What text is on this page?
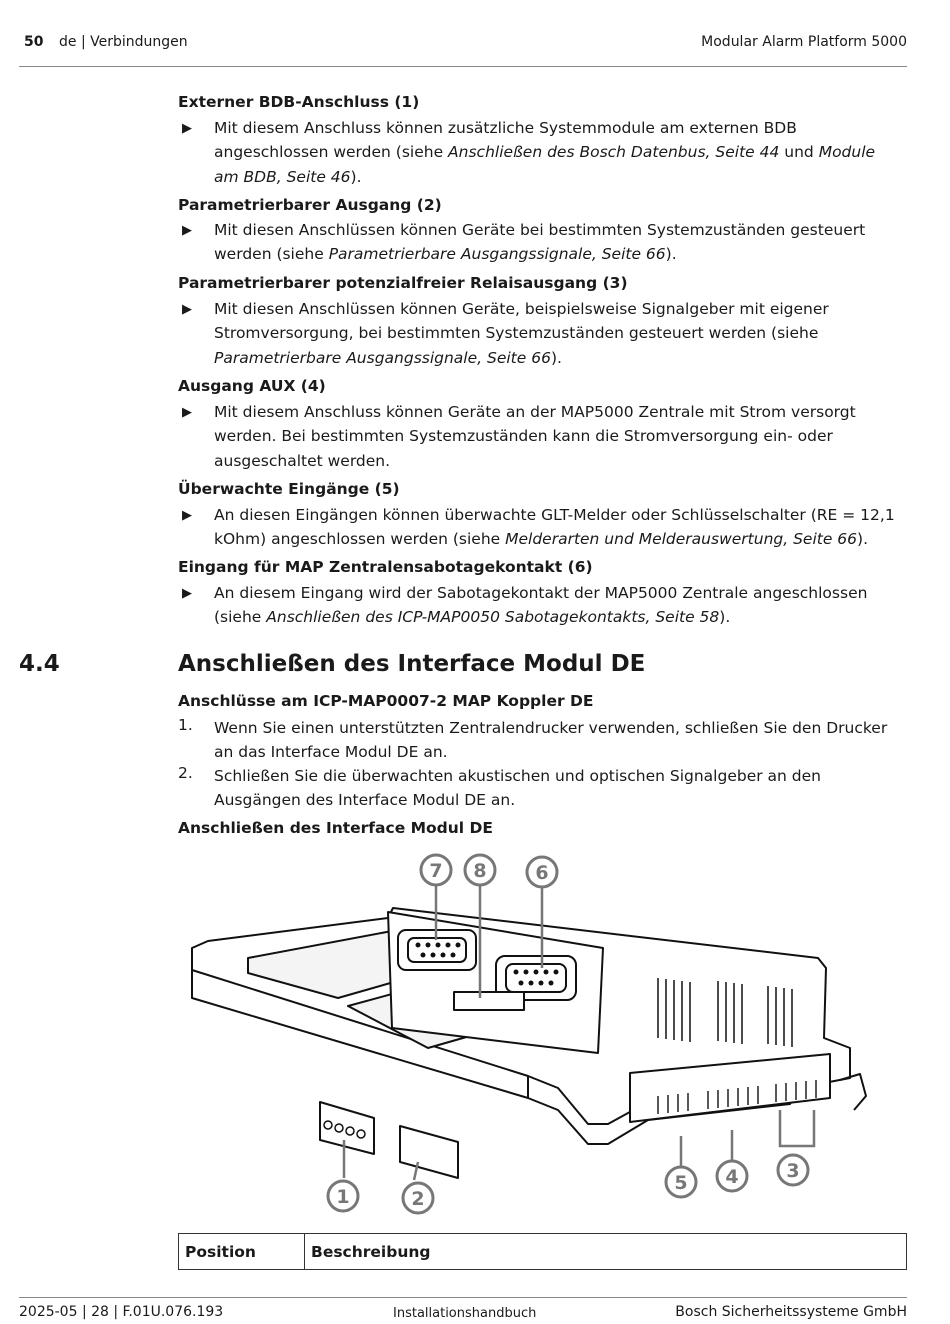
50 de | Verbindungen	Modular Alarm Platform 5000
Externer BDB-Anschluss (1)
▶ Mit diesem Anschluss können zusätzliche Systemmodule am externen BDB angeschlossen werden (siehe Anschließen des Bosch Datenbus, Seite 44 und Module am BDB, Seite 46).
Parametrierbarer Ausgang (2)
▶ Mit diesen Anschlüssen können Geräte bei bestimmten Systemzuständen gesteuert werden (siehe Parametrierbare Ausgangssignale, Seite 66).
Parametrierbarer potenzialfreier Relaisausgang (3)
▶ Mit diesen Anschlüssen können Geräte, beispielsweise Signalgeber mit eigener Stromversorgung, bei bestimmten Systemzuständen gesteuert werden (siehe Parametrierbare Ausgangssignale, Seite 66).
Ausgang AUX (4)
▶ Mit diesem Anschluss können Geräte an der MAP5000 Zentrale mit Strom versorgt werden. Bei bestimmten Systemzuständen kann die Stromversorgung ein- oder ausgeschaltet werden.
Überwachte Eingänge (5)
▶ An diesen Eingängen können überwachte GLT-Melder oder Schlüsselschalter (RE = 12,1 kOhm) angeschlossen werden (siehe Melderarten und Melderauswertung, Seite 66).
Eingang für MAP Zentralensabotagekontakt (6)
▶ An diesem Eingang wird der Sabotagekontakt der MAP5000 Zentrale angeschlossen (siehe Anschließen des ICP-MAP0050 Sabotagekontakts, Seite 58).
4.4	Anschließen des Interface Modul DE
Anschlüsse am ICP-MAP0007-2 MAP Koppler DE
1. Wenn Sie einen unterstützten Zentralendrucker verwenden, schließen Sie den Drucker an das Interface Modul DE an.
2. Schließen Sie die überwachten akustischen und optischen Signalgeber an den Ausgängen des Interface Modul DE an.
Anschließen des Interface Modul DE
7 8	6
1	2
5 4	3
Position	Beschreibung
2025-05 | 28 | F.01U.076.193	Installationshandbuch	Bosch Sicherheitssysteme GmbH
